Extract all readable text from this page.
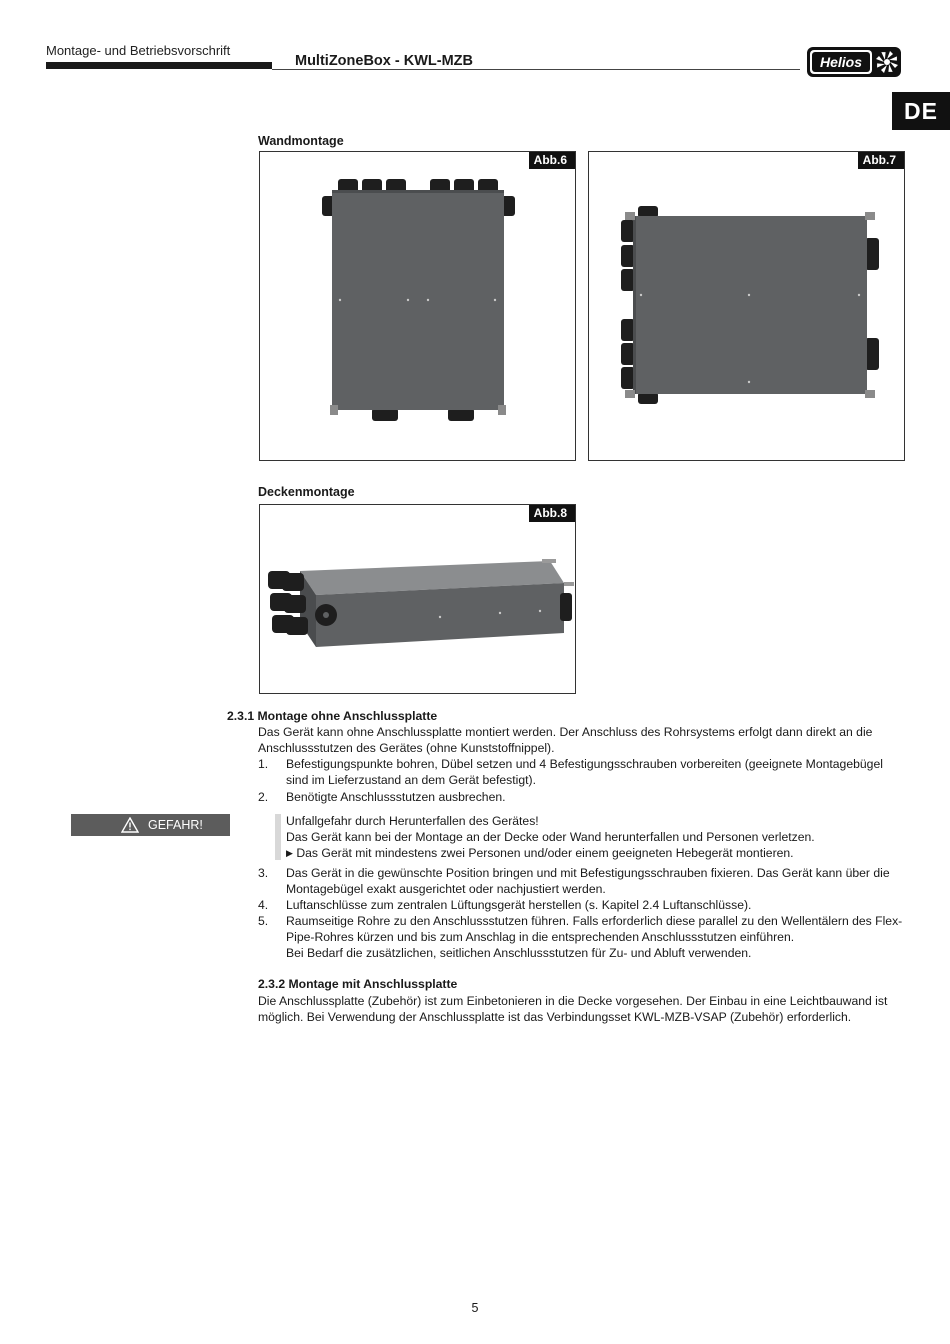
Montage- und Betriebsvorschrift
MultiZoneBox - KWL-MZB	Helios
DE
Wandmontage
Abb.6	Abb.7
Deckenmontage
Abb.8
2.3.1 Montage ohne Anschlussplatte
Das Gerät kann ohne Anschlussplatte montiert werden. Der Anschluss des Rohrsystems erfolgt dann direkt an die
Anschlussstutzen des Gerätes (ohne Kunststoffnippel).
1. Befestigungspunkte bohren, Dübel setzen und 4 Befestigungsschrauben vorbereiten (geeignete Montagebügel
sind im Lieferzustand an dem Gerät befestigt).
2. Benötigte Anschlussstutzen ausbrechen.
GEFAHR!	Unfallgefahr durch Herunterfallen des Gerätes!
Das Gerät kann bei der Montage an der Decke oder Wand herunterfallen und Personen verletzen.
▶ Das Gerät mit mindestens zwei Personen und/oder einem geeigneten Hebegerät montieren.
3. Das Gerät in die gewünschte Position bringen und mit Befestigungsschrauben fixieren. Das Gerät kann über die
Montagebügel exakt ausgerichtet oder nachjustiert werden.
4. Luftanschlüsse zum zentralen Lüftungsgerät herstellen (s. Kapitel 2.4 Luftanschlüsse).
5. Raumseitige Rohre zu den Anschlussstutzen führen. Falls erforderlich diese parallel zu den Wellentälern des Flex-
Pipe-Rohres kürzen und bis zum Anschlag in die entsprechenden Anschlussstutzen einführen.
Bei Bedarf die zusätzlichen, seitlichen Anschlussstutzen für Zu- und Abluft verwenden.
2.3.2 Montage mit Anschlussplatte
Die Anschlussplatte (Zubehör) ist zum Einbetonieren in die Decke vorgesehen. Der Einbau in eine Leichtbauwand ist
möglich. Bei Verwendung der Anschlussplatte ist das Verbindungsset KWL-MZB-VSAP (Zubehör) erforderlich.
5
